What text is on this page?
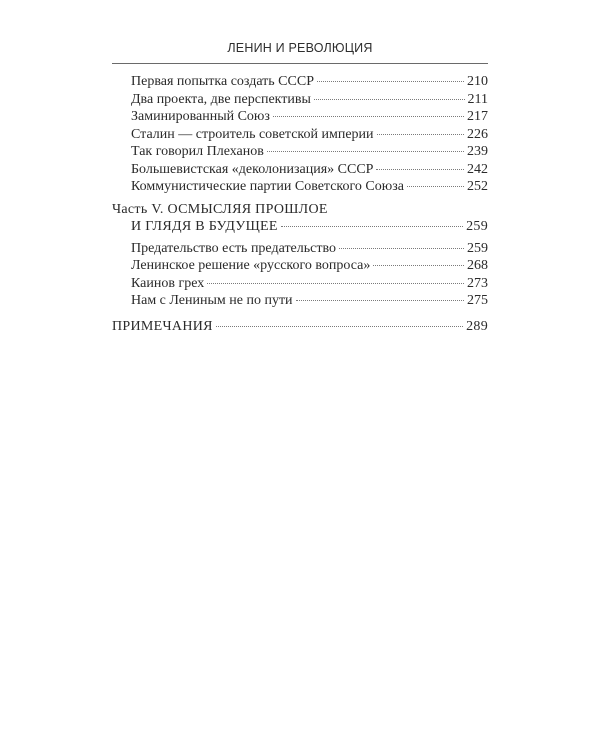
ЛЕНИН И РЕВОЛЮЦИЯ
Первая попытка создать СССР	210
Два проекта, две перспективы	211
Заминированный Союз	217
Сталин — строитель советской империи	226
Так говорил Плеханов	239
Большевистская «деколонизация» СССР	242
Коммунистические партии Советского Союза	252
Часть V. ОСМЫСЛЯЯ ПРОШЛОЕ
И ГЛЯДЯ В БУДУЩЕЕ	259
Предательство есть предательство	259
Ленинское решение «русского вопроса»	268
Каинов грех	273
Нам с Лениным не по пути	275
ПРИМЕЧАНИЯ	289
